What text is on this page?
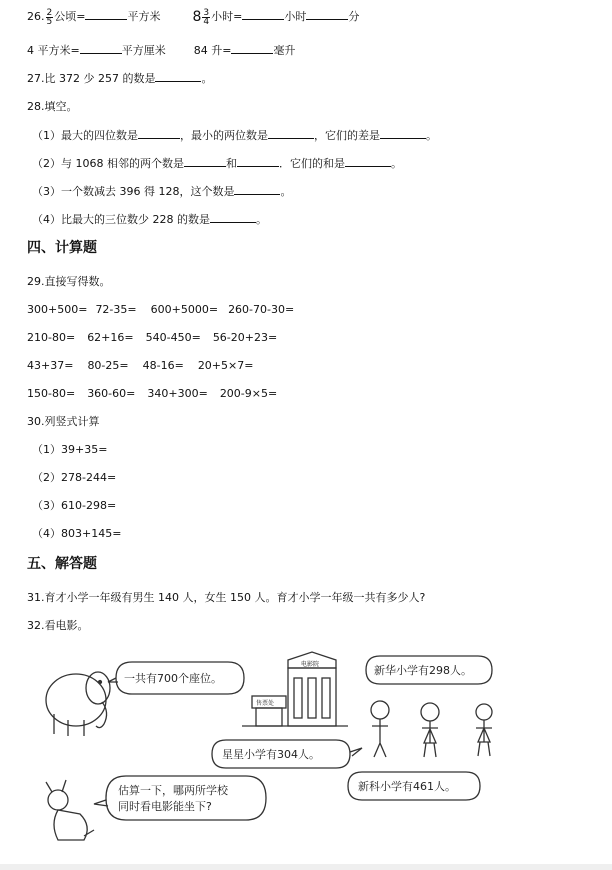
26. $\frac{2}{5}$ 公顷=	平方米 $8 \frac{3}{4}$ 小时=	小时	分
4 平方米=	平方厘米	84 升=	毫升
27.比 372 少 257 的数是	。
28.填空。
（1）最大的四位数是	，最小的两位数是	，它们的差是	。
（2）与 1068 相邻的两个数是	和	．它们的和是	。
（3）一个数减去 396 得 128，这个数是	。
（4）比最大的三位数少 228 的数是	。
四、计算题
29.直接写得数。
300+500= 72-35= 600+5000= 260-70-30=
210-80= 62+16= 540-450= 56-20+23=
43+37= 80-25= 48-16= 20+5×7=
150-80= 360-60= 340+300= 200-9×5=
30.列竖式计算
（1）39+35=
（2）278-244=
（3）610-298=
（4）803+145=
五、解答题
31.育才小学一年级有男生 140 人，女生 150 人。育才小学一年级一共有多少人?
32.看电影。
一共有700个座位。
新华小学有298人。
星星小学有304人。
新科小学有461人。
估算一下，哪两所学校
同时看电影能坐下?
电影院
售票处
